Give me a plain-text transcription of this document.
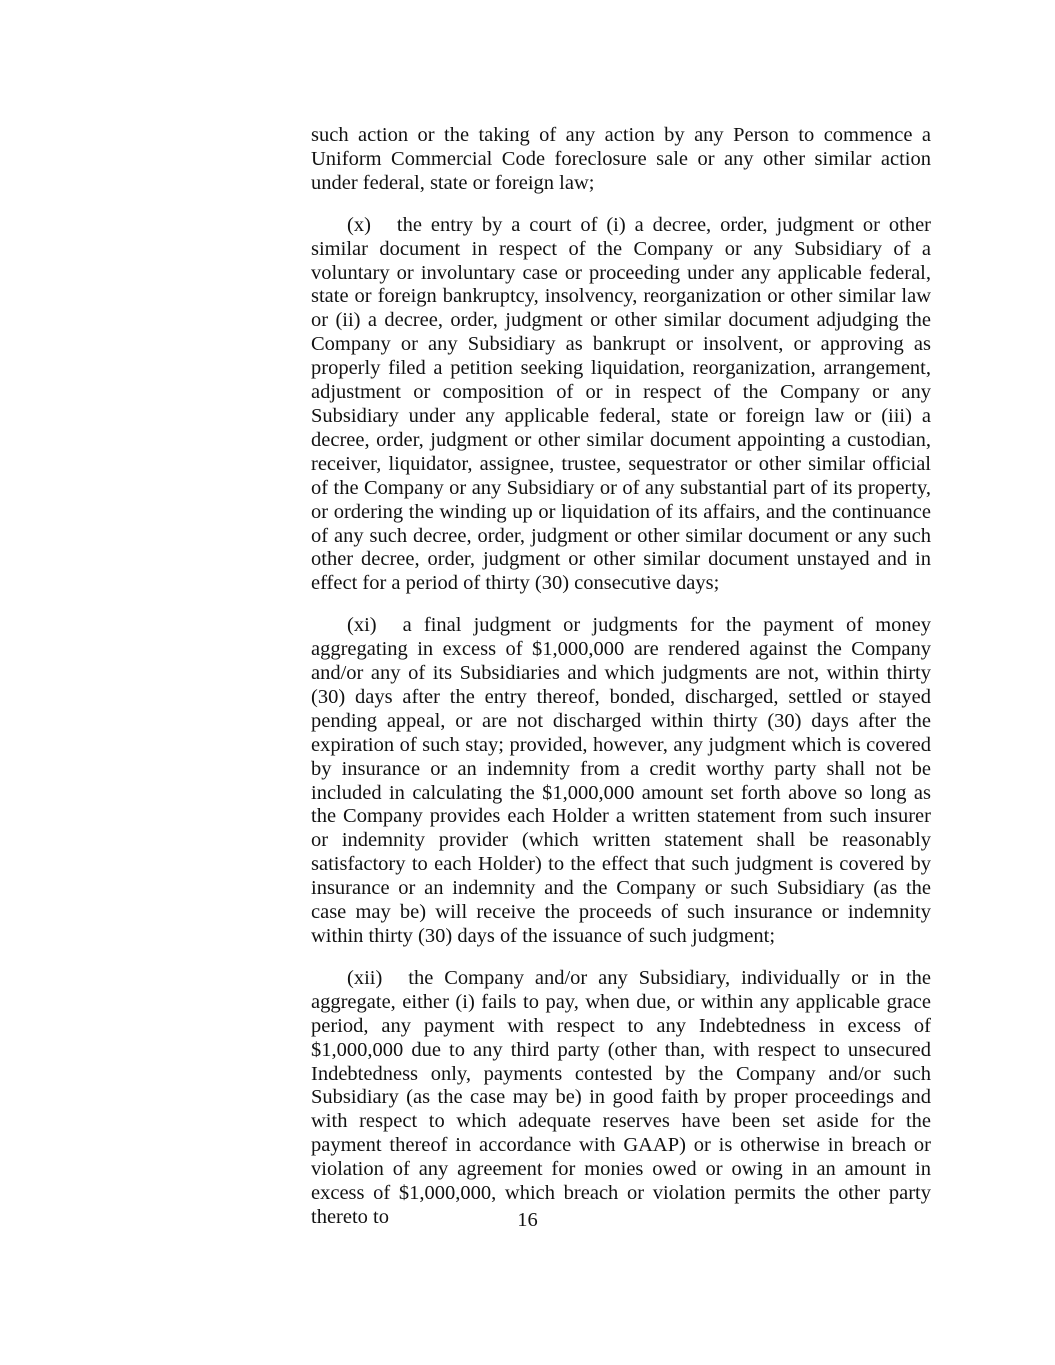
such action or the taking of any action by any Person to commence a Uniform Commercial Code foreclosure sale or any other similar action under federal, state or foreign law;

(x) the entry by a court of (i) a decree, order, judgment or other similar document in respect of the Company or any Subsidiary of a voluntary or involuntary case or proceeding under any applicable federal, state or foreign bankruptcy, insolvency, reorganization or other similar law or (ii) a decree, order, judgment or other similar document adjudging the Company or any Subsidiary as bankrupt or insolvent, or approving as properly filed a petition seeking liquidation, reorganization, arrangement, adjustment or composition of or in respect of the Company or any Subsidiary under any applicable federal, state or foreign law or (iii) a decree, order, judgment or other similar document appointing a custodian, receiver, liquidator, assignee, trustee, sequestrator or other similar official of the Company or any Subsidiary or of any substantial part of its property, or ordering the winding up or liquidation of its affairs, and the continuance of any such decree, order, judgment or other similar document or any such other decree, order, judgment or other similar document unstayed and in effect for a period of thirty (30) consecutive days;

(xi) a final judgment or judgments for the payment of money aggregating in excess of $1,000,000 are rendered against the Company and/or any of its Subsidiaries and which judgments are not, within thirty (30) days after the entry thereof, bonded, discharged, settled or stayed pending appeal, or are not discharged within thirty (30) days after the expiration of such stay; provided, however, any judgment which is covered by insurance or an indemnity from a credit worthy party shall not be included in calculating the $1,000,000 amount set forth above so long as the Company provides each Holder a written statement from such insurer or indemnity provider (which written statement shall be reasonably satisfactory to each Holder) to the effect that such judgment is covered by insurance or an indemnity and the Company or such Subsidiary (as the case may be) will receive the proceeds of such insurance or indemnity within thirty (30) days of the issuance of such judgment;

(xii) the Company and/or any Subsidiary, individually or in the aggregate, either (i) fails to pay, when due, or within any applicable grace period, any payment with respect to any Indebtedness in excess of $1,000,000 due to any third party (other than, with respect to unsecured Indebtedness only, payments contested by the Company and/or such Subsidiary (as the case may be) in good faith by proper proceedings and with respect to which adequate reserves have been set aside for the payment thereof in accordance with GAAP) or is otherwise in breach or violation of any agreement for monies owed or owing in an amount in excess of $1,000,000, which breach or violation permits the other party thereto to	16
